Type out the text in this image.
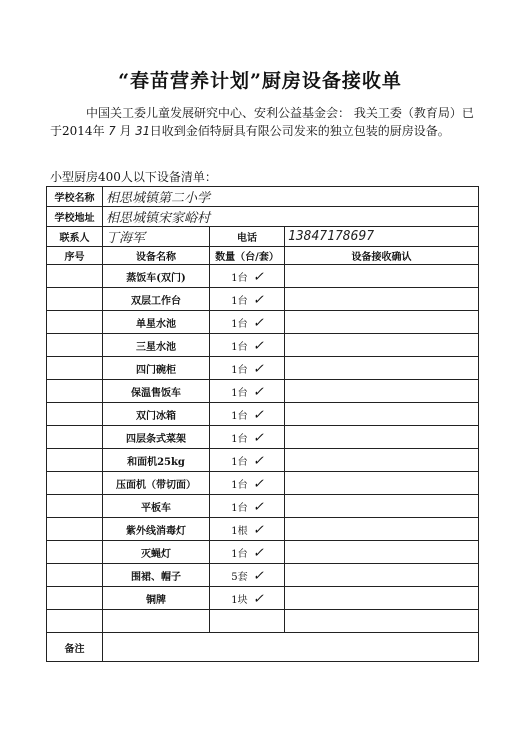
“春苗营养计划”厨房设备接收单
中国关工委儿童发展研究中心、安利公益基金会： 我关工委（教育局）已于2014年 7 月 31日收到金佰特厨具有限公司发来的独立包装的厨房设备。
小型厨房400人以下设备清单：
学校名称	相思城镇第二小学		
学校地址	相思城镇宋家峪村		
联系人	丁海军	电话	13847178697
序号	设备名称	数量（台/套）	设备接收确认
	蒸饭车(双门)	1台 ✓	
	双层工作台	1台 ✓	
	单星水池	1台 ✓	
	三星水池	1台 ✓	
	四门碗柜	1台 ✓	
	保温售饭车	1台 ✓	
	双门冰箱	1台 ✓	
	四层条式菜架	1台 ✓	
	和面机25kg	1台 ✓	
	压面机（带切面）	1台 ✓	
	平板车	1台 ✓	
	紫外线消毒灯	1根 ✓	
	灭蝇灯	1台 ✓	
	围裙、帽子	5套 ✓	
	铜牌	1块 ✓	

备注			
